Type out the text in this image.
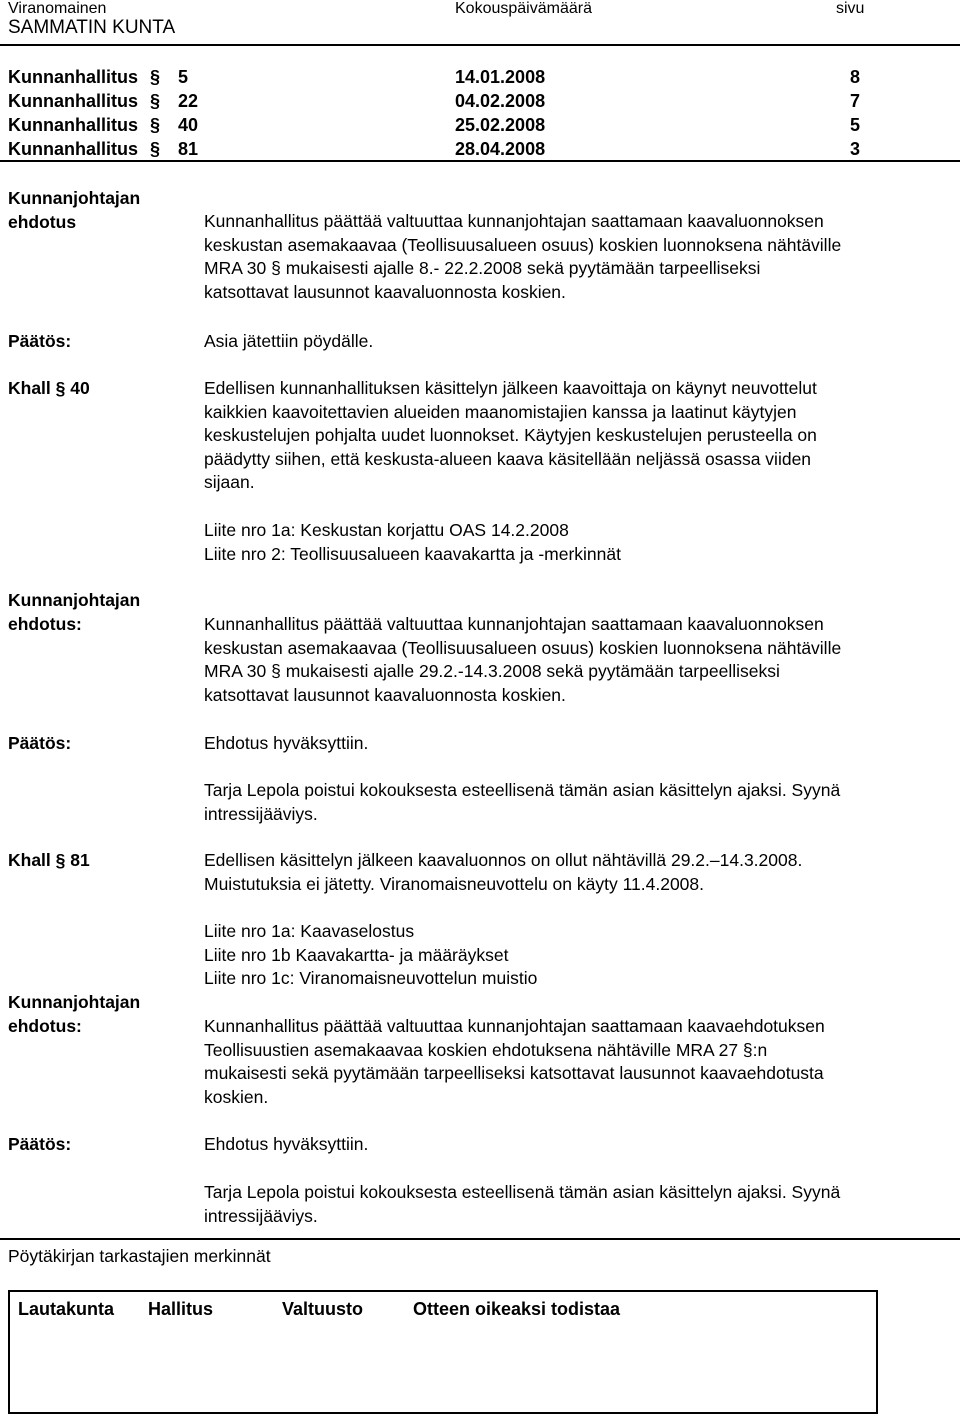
Viranomainen	Kokouspäivämäärä	sivu
SAMMATIN KUNTA
Kunnanhallitus § 5	14.01.2008	8
Kunnanhallitus § 22	04.02.2008	7
Kunnanhallitus § 40	25.02.2008	5
Kunnanhallitus § 81	28.04.2008	3
Kunnanjohtajan
ehdotus	Kunnanhallitus päättää valtuuttaa kunnanjohtajan saattamaan kaavaluonnoksen

keskustan asemakaavaa (Teollisuusalueen osuus) koskien luonnoksena nähtäville

MRA 30 § mukaisesti ajalle 8.- 22.2.2008 sekä pyytämään tarpeelliseksi

katsottavat lausunnot kaavaluonnosta koskien.

Päätös:	Asia jätettiin pöydälle.
Khall § 40	Edellisen kunnanhallituksen käsittelyn jälkeen kaavoittaja on käynyt neuvottelut

kaikkien kaavoitettavien alueiden maanomistajien kanssa ja laatinut käytyjen

keskustelujen pohjalta uudet luonnokset. Käytyjen keskustelujen perusteella on

päädytty siihen, että keskusta-alueen kaava käsitellään neljässä osassa viiden

sijaan.

Liite nro 1a: Keskustan korjattu OAS 14.2.2008

Liite nro 2: Teollisuusalueen kaavakartta ja -merkinnät

Kunnanjohtajan
ehdotus:	Kunnanhallitus päättää valtuuttaa kunnanjohtajan saattamaan kaavaluonnoksen

keskustan asemakaavaa (Teollisuusalueen osuus) koskien luonnoksena nähtäville

MRA 30 § mukaisesti ajalle 29.2.-14.3.2008 sekä pyytämään tarpeelliseksi

katsottavat lausunnot kaavaluonnosta koskien.

Päätös:	Ehdotus hyväksyttiin.

Tarja Lepola poistui kokouksesta esteellisenä tämän asian käsittelyn ajaksi. Syynä

intressijääviys.

Khall § 81	Edellisen käsittelyn jälkeen kaavaluonnos on ollut nähtävillä 29.2.–14.3.2008.

Muistutuksia ei jätetty. Viranomaisneuvottelu on käyty 11.4.2008.

Liite nro 1a: Kaavaselostus

Liite nro 1b Kaavakartta- ja määräykset

Liite nro 1c: Viranomaisneuvottelun muistio

Kunnanjohtajan
ehdotus:	Kunnanhallitus päättää valtuuttaa kunnanjohtajan saattamaan kaavaehdotuksen

Teollisuustien asemakaavaa koskien ehdotuksena nähtäville MRA 27 §:n

mukaisesti sekä pyytämään tarpeelliseksi katsottavat lausunnot kaavaehdotusta

koskien.

Päätös:	Ehdotus hyväksyttiin.

Tarja Lepola poistui kokouksesta esteellisenä tämän asian käsittelyn ajaksi. Syynä

intressijääviys.

Pöytäkirjan tarkastajien merkinnät
Lautakunta Hallitus	Valtuusto	Otteen oikeaksi todistaa
